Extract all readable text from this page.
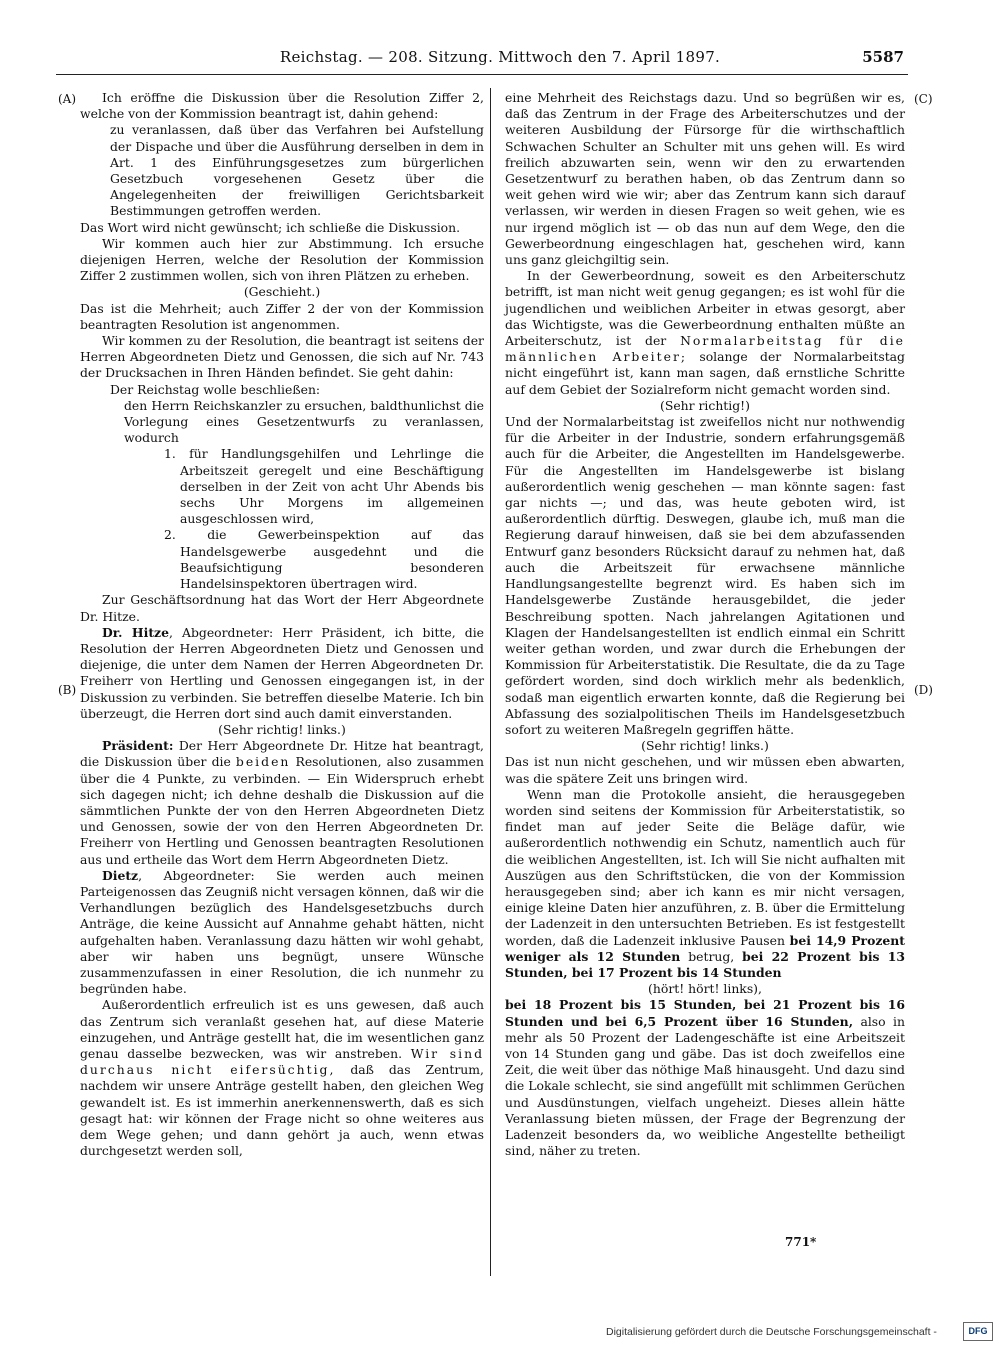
Reichstag. — 208. Sitzung. Mittwoch den 7. April 1897.	5587
(A)
(B)
(C)
(D)

Ich eröffne die Diskussion über die Resolution Ziffer 2, welche von der Kommission beantragt ist, dahin gehend:

zu veranlassen, daß über das Verfahren bei Aufstellung der Dispache und über die Ausführung derselben in dem in Art. 1 des Einführungsgesetzes zum bürgerlichen Gesetzbuch vorgesehenen Gesetz über die Angelegenheiten der freiwilligen Gerichtsbarkeit Bestimmungen getroffen werden.

Das Wort wird nicht gewünscht; ich schließe die Diskussion.

Wir kommen auch hier zur Abstimmung. Ich ersuche diejenigen Herren, welche der Resolution der Kommission Ziffer 2 zustimmen wollen, sich von ihren Plätzen zu erheben.

(Geschieht.)

Das ist die Mehrheit; auch Ziffer 2 der von der Kommission beantragten Resolution ist angenommen.

Wir kommen zu der Resolution, die beantragt ist seitens der Herren Abgeordneten Dietz und Genossen, die sich auf Nr. 743 der Drucksachen in Ihren Händen befindet. Sie geht dahin:

Der Reichstag wolle beschließen:

den Herrn Reichskanzler zu ersuchen, baldthunlichst die Vorlegung eines Gesetzentwurfs zu veranlassen, wodurch

1. für Handlungsgehilfen und Lehrlinge die Arbeitszeit geregelt und eine Beschäftigung derselben in der Zeit von acht Uhr Abends bis sechs Uhr Morgens im allgemeinen ausgeschlossen wird,

2. die Gewerbeinspektion auf das Handelsgewerbe ausgedehnt und die Beaufsichtigung besonderen Handelsinspektoren übertragen wird.

Zur Geschäftsordnung hat das Wort der Herr Abgeordnete Dr. Hitze.

Dr. Hitze, Abgeordneter: Herr Präsident, ich bitte, die Resolution der Herren Abgeordneten Dietz und Genossen und diejenige, die unter dem Namen der Herren Abgeordneten Dr. Freiherr von Hertling und Genossen eingegangen ist, in der Diskussion zu verbinden. Sie betreffen dieselbe Materie. Ich bin überzeugt, die Herren dort sind auch damit einverstanden.

(Sehr richtig! links.)

Präsident: Der Herr Abgeordnete Dr. Hitze hat beantragt, die Diskussion über die beiden Resolutionen, also zusammen über die 4 Punkte, zu verbinden. — Ein Widerspruch erhebt sich dagegen nicht; ich dehne deshalb die Diskussion auf die sämmtlichen Punkte der von den Herren Abgeordneten Dietz und Genossen, sowie der von den Herren Abgeordneten Dr. Freiherr von Hertling und Genossen beantragten Resolutionen aus und ertheile das Wort dem Herrn Abgeordneten Dietz.

Dietz, Abgeordneter: Sie werden auch meinen Parteigenossen das Zeugniß nicht versagen können, daß wir die Verhandlungen bezüglich des Handelsgesetzbuchs durch Anträge, die keine Aussicht auf Annahme gehabt hätten, nicht aufgehalten haben. Veranlassung dazu hätten wir wohl gehabt, aber wir haben uns begnügt, unsere Wünsche zusammenzufassen in einer Resolution, die ich nunmehr zu begründen habe.

Außerordentlich erfreulich ist es uns gewesen, daß auch das Zentrum sich veranlaßt gesehen hat, auf diese Materie einzugehen, und Anträge gestellt hat, die im wesentlichen ganz genau dasselbe bezwecken, was wir anstreben. Wir sind durchaus nicht eifersüchtig, daß das Zentrum, nachdem wir unsere Anträge gestellt haben, den gleichen Weg gewandelt ist. Es ist immerhin anerkennenswerth, daß es sich gesagt hat: wir können der Frage nicht so ohne weiteres aus dem Wege gehen; und dann gehört ja auch, wenn etwas durchgesetzt werden soll,

eine Mehrheit des Reichstags dazu. Und so begrüßen wir es, daß das Zentrum in der Frage des Arbeiterschutzes und der weiteren Ausbildung der Fürsorge für die wirthschaftlich Schwachen Schulter an Schulter mit uns gehen will. Es wird freilich abzuwarten sein, wenn wir den zu erwartenden Gesetzentwurf zu berathen haben, ob das Zentrum dann so weit gehen wird wie wir; aber das Zentrum kann sich darauf verlassen, wir werden in diesen Fragen so weit gehen, wie es nur irgend möglich ist — ob das nun auf dem Wege, den die Gewerbeordnung eingeschlagen hat, geschehen wird, kann uns ganz gleichgiltig sein.

In der Gewerbeordnung, soweit es den Arbeiterschutz betrifft, ist man nicht weit genug gegangen; es ist wohl für die jugendlichen und weiblichen Arbeiter in etwas gesorgt, aber das Wichtigste, was die Gewerbeordnung enthalten müßte an Arbeiterschutz, ist der Normalarbeitstag für die männlichen Arbeiter; solange der Normalarbeitstag nicht eingeführt ist, kann man sagen, daß ernstliche Schritte auf dem Gebiet der Sozialreform nicht gemacht worden sind.

(Sehr richtig!)

Und der Normalarbeitstag ist zweifellos nicht nur nothwendig für die Arbeiter in der Industrie, sondern erfahrungsgemäß auch für die Arbeiter, die Angestellten im Handelsgewerbe. Für die Angestellten im Handelsgewerbe ist bislang außerordentlich wenig geschehen — man könnte sagen: fast gar nichts —; und das, was heute geboten wird, ist außerordentlich dürftig. Deswegen, glaube ich, muß man die Regierung darauf hinweisen, daß sie bei dem abzufassenden Entwurf ganz besonders Rücksicht darauf zu nehmen hat, daß auch die Arbeitszeit für erwachsene männliche Handlungsangestellte begrenzt wird. Es haben sich im Handelsgewerbe Zustände herausgebildet, die jeder Beschreibung spotten. Nach jahrelangen Agitationen und Klagen der Handelsangestellten ist endlich einmal ein Schritt weiter gethan worden, und zwar durch die Erhebungen der Kommission für Arbeiterstatistik. Die Resultate, die da zu Tage gefördert worden, sind doch wirklich mehr als bedenklich, sodaß man eigentlich erwarten konnte, daß die Regierung bei Abfassung des sozialpolitischen Theils im Handelsgesetzbuch sofort zu weiteren Maßregeln gegriffen hätte.

(Sehr richtig! links.)

Das ist nun nicht geschehen, und wir müssen eben abwarten, was die spätere Zeit uns bringen wird.

Wenn man die Protokolle ansieht, die herausgegeben worden sind seitens der Kommission für Arbeiterstatistik, so findet man auf jeder Seite die Beläge dafür, wie außerordentlich nothwendig ein Schutz, namentlich auch für die weiblichen Angestellten, ist. Ich will Sie nicht aufhalten mit Auszügen aus den Schriftstücken, die von der Kommission herausgegeben sind; aber ich kann es mir nicht versagen, einige kleine Daten hier anzuführen, z. B. über die Ermittelung der Ladenzeit in den untersuchten Betrieben. Es ist festgestellt worden, daß die Ladenzeit inklusive Pausen bei 14,9 Prozent weniger als 12 Stunden betrug, bei 22 Prozent bis 13 Stunden, bei 17 Prozent bis 14 Stunden

(hört! hört! links),

bei 18 Prozent bis 15 Stunden, bei 21 Prozent bis 16 Stunden und bei 6,5 Prozent über 16 Stunden, also in mehr als 50 Prozent der Ladengeschäfte ist eine Arbeitszeit von 14 Stunden gang und gäbe. Das ist doch zweifellos eine Zeit, die weit über das nöthige Maß hinausgeht. Und dazu sind die Lokale schlecht, sie sind angefüllt mit schlimmen Gerüchen und Ausdünstungen, vielfach ungeheizt. Dieses allein hätte Veranlassung bieten müssen, der Frage der Begrenzung der Ladenzeit besonders da, wo weibliche Angestellte betheiligt sind, näher zu treten.

771*
Digitalisierung gefördert durch die Deutsche Forschungsgemeinschaft -	DFG
